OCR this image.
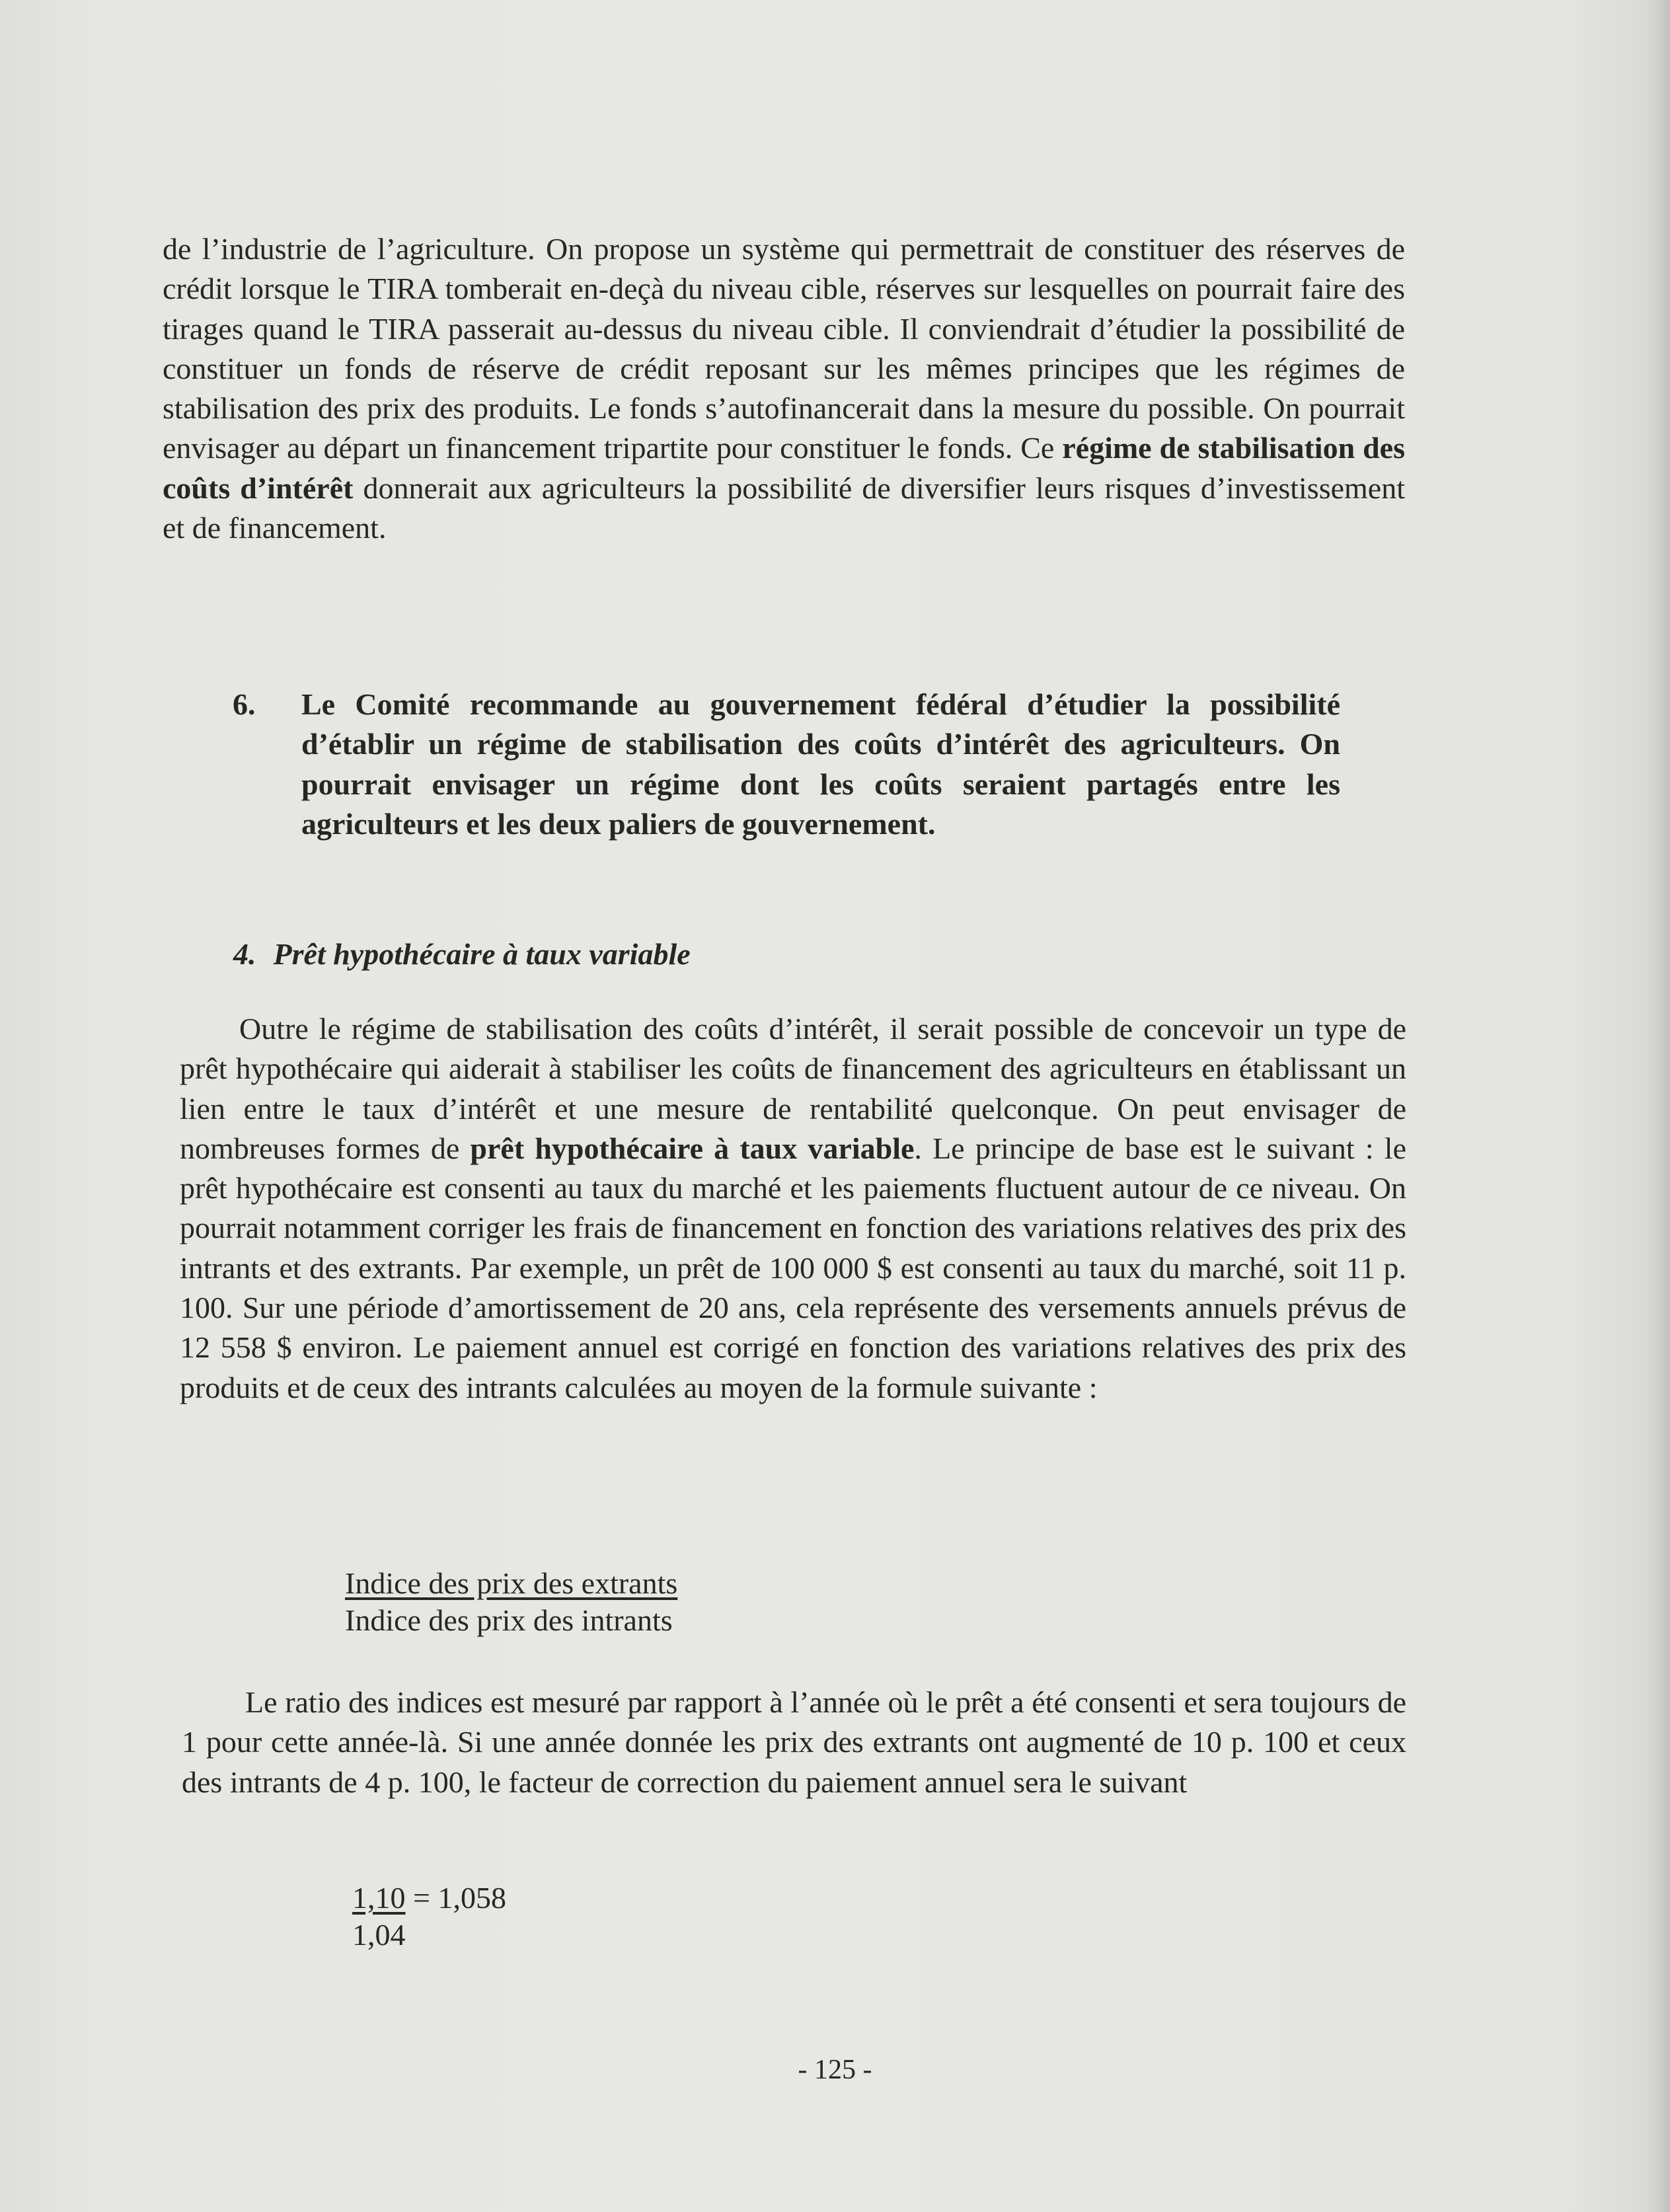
de l’industrie de l’agriculture. On propose un système qui permettrait de constituer des réserves de crédit lorsque le TIRA tomberait en-deçà du niveau cible, réserves sur lesquelles on pourrait faire des tirages quand le TIRA passerait au-dessus du niveau cible. Il conviendrait d’étudier la possibilité de constituer un fonds de réserve de crédit reposant sur les mêmes principes que les régimes de stabilisation des prix des produits. Le fonds s’autofinancerait dans la mesure du possible. On pourrait envisager au départ un financement tripartite pour constituer le fonds. Ce régime de stabilisation des coûts d’intérêt donnerait aux agriculteurs la possibilité de diversifier leurs risques d’investissement et de financement.

6. Le Comité recommande au gouvernement fédéral d’étudier la possibilité d’établir un régime de stabilisation des coûts d’intérêt des agriculteurs. On pourrait envisager un régime dont les coûts seraient partagés entre les agriculteurs et les deux paliers de gouvernement.
4. Prêt hypothécaire à taux variable

Outre le régime de stabilisation des coûts d’intérêt, il serait possible de concevoir un type de prêt hypothécaire qui aiderait à stabiliser les coûts de financement des agriculteurs en établissant un lien entre le taux d’intérêt et une mesure de rentabilité quelconque. On peut envisager de nombreuses formes de prêt hypothécaire à taux variable. Le principe de base est le suivant : le prêt hypothécaire est consenti au taux du marché et les paiements fluctuent autour de ce niveau. On pourrait notamment corriger les frais de financement en fonction des variations relatives des prix des intrants et des extrants. Par exemple, un prêt de 100 000 $ est consenti au taux du marché, soit 11 p. 100. Sur une période d’amortissement de 20 ans, cela représente des versements annuels prévus de 12 558 $ environ. Le paiement annuel est corrigé en fonction des variations relatives des prix des produits et de ceux des intrants calculées au moyen de la formule suivante :

Indice des prix des extrants
Indice des prix des intrants

Le ratio des indices est mesuré par rapport à l’année où le prêt a été consenti et sera toujours de 1 pour cette année-là. Si une année donnée les prix des extrants ont augmenté de 10 p. 100 et ceux des intrants de 4 p. 100, le facteur de correction du paiement annuel sera le suivant

1,10 = 1,058
1,04
- 125 -
